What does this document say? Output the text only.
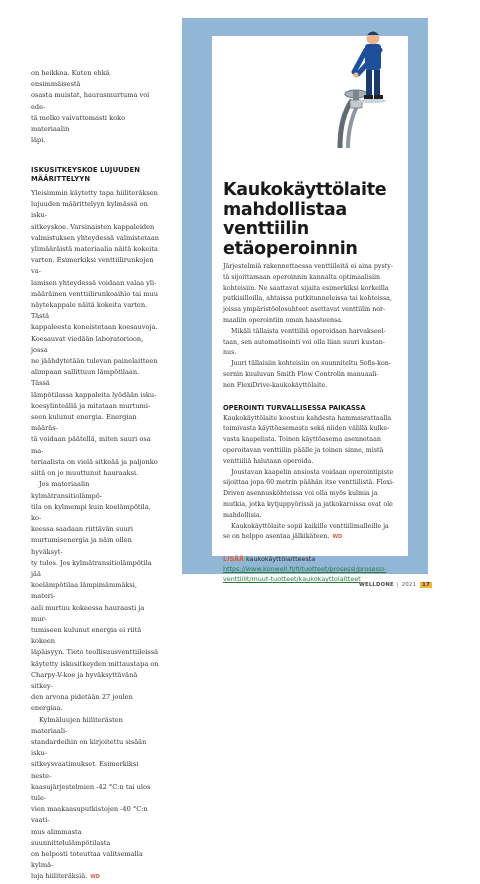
on heikkoa. Kuten ehkä ensimmäisestä
osasta muistat, haurasmurtuma voi ede-
tä melko vaivattomasti koko materiaalin
läpi.

ISKUSITKEYSKOE LUJUUDEN MÄÄRITTELYYN

Yleisimmin käytetty tapa hiiliteräksen
lujuuden määrittelyyn kylmässä on isku-
sitkeyskoe. Varsinaisten kappaleiden
valmistuksen yhteydessä valmistetaan
ylimääräistä materiaalia näitä kokeita
varten. Esimerkiksi venttiilirunkojen va-
lamisen yhteydessä voidaan valaa yli-
määräinen venttiilirunkoaihio tai muu
näytekappale näitä kokeita varten. Tästä
kappaleesta koneistetaan koesauvoja.
Koesauvat viedään laboratorioon, jossa
ne jäähdytetään tulevan painelaitteen
alimpaan sallittuun lämpötilaan. Tässä
lämpötilassa kappaleita lyödään isku-
koesylinteällä ja mitataan murtumi-
seen kulunut energia. Energian määräs-
tä voidaan päätellä, miten suuri osa ma-
teriaalista on vielä sitkeää ja paljonko
siitä on jo muuttunut hauraaksi.

Jos materiaalin kylmätransitiolämpö-
tila on kylmempi kuin koelämpötila, ko-
keessa saadaan riittävän suuri
murtumisenergia ja näin ollen hyväksyt-
ty tulos. Jos kylmätransitiolämpötila jää
koelämpötilaa lämpimämmäksi, materi-
aali murtuu kokeessa hauraasti ja mur-
tumiseen kulunut energia ei riitä kokeen
läpäisyyn. Tieto teollisuusventtiileissä
käytetty iskusitkeyden mittaustapa on
Charpy-V-koe ja hyväksyttävänä sitkey-
den arvona pidetään 27 joulen energiaa.

Kylmäluujen hiiliterästen materiaali-
standardeihin on kirjoitettu sisään isku-
sitkeysvaatimukset. Esimerkiksi neste-
kaasujärjestelmien -42 °C:n tai ulos tule-
vien maakaasuputkistojen -40 °C:n vaati-
mus alimmasta suunnittelulämpötilasta
on helposti toteuttaa valitsemalla kylmä-
luja hiiliteräksiä. WD

Kaukokäyttölaite
mahdollistaa
venttiilin
etäoperoinnin

Järjestelmiä rakennettaessa venttiileitä ei aina pysty-
tä sijoittamaan operoinnin kannalta optimaalisiin
kohteisiin. Ne saattavat sijaita esimerkiksi korkeilla
putkisilloilla, ahtaissa putkitunneleissa tai kohteissa,
joissa ympäristöolosuhteet asettavat venttiilin nor-
maaliin operointiin oman haasteensa.

Mikäli tällaista venttiiliä operoidaan harvakseel-
taan, sen automatisointi voi olla liian suuri kustan-
nus.

Juuri tällaisiin kohteisiin on suunniteltu Sofis-kon-
sernin kuuluvan Smith Flow Controlin manuaali-
nen FlexiDrive-kaukokäyttölaite.

OPEROINTI TURVALLISESSA PAIKASSA

Kaukokäyttölaite koostuu kahdesta hammasrattaalla
toimivasta käyttöasemasta sekä niiden välillä kulke-
vasta kaapelista. Toinen käyttöasema asennetaan
operoitavan venttiilin päälle ja toinen sinne, mistä
venttiiliä halutaan operoida.

Joustavan kaapelin ansiosta voidaan operointipiste
sijoittaa jopa 60 metrin päähän itse venttiilistä. Flexi-
Driven asennusköhteissa voi olla myös kulmia ja
mutkia, jotka kytjuppyörissä ja jatkokaroissa ovat ole
mahdollisia.

Kaukokäyttölaite sopii kaikille venttiilimalleille ja
se on helppo asentaa jälkikäteen. WD

LISÄÄ kaukokäyttölaitteesta
https://www.konwell.fi/fi/tuotteet/prosessi/prosessi-
venttiilit/muut-tuotteet/kaukokayttolaitteet
WELLDONE | 2021 17
